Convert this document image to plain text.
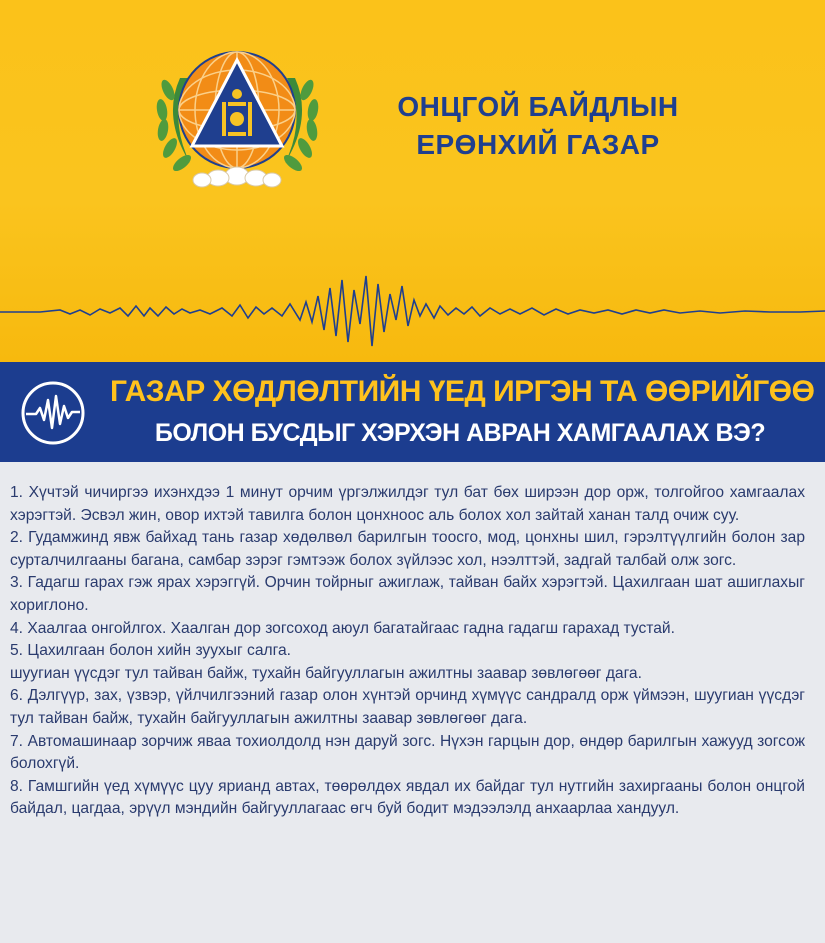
ОНЦГОЙ БАЙДЛЫН
ЕРӨНХИЙ ГАЗАР
ГАЗАР ХӨДЛӨЛТИЙН ҮЕД ИРГЭН ТА ӨӨРИЙГӨӨ
БОЛОН БУСДЫГ ХЭРХЭН АВРАН ХАМГААЛАХ ВЭ?

1. Хүчтэй чичиргээ ихэнхдээ 1 минут орчим үргэлжилдэг тул бат бөх ширээн дор орж, толгойгоо хамгаалах хэрэгтэй. Эсвэл жин, овор ихтэй тавилга болон цонхноос аль болох хол зайтай ханан талд очиж суу.

2. Гудамжинд явж байхад тань газар хөдөлвөл барилгын тоосго, мод, цонхны шил, гэрэлтүүлгийн болон зар сурталчилгааны багана, самбар зэрэг гэмтээж болох зүйлээс хол, нээлттэй, задгай талбай олж зогс.

3. Гадагш гарах гэж ярах хэрэггүй. Орчин тойрныг ажиглаж, тайван байх хэрэгтэй. Цахилгаан шат ашиглахыг хориглоно.

4. Хаалгаа онгойлгох. Хаалган дор зогсоход аюул багатайгаас гадна гадагш гарахад тустай.

5. Цахилгаан болон хийн зуухыг салга.

шуугиан үүсдэг тул тайван байж, тухайн байгууллагын ажилтны заавар зөвлөгөөг дага.

6. Дэлгүүр, зах, үзвэр, үйлчилгээний газар олон хүнтэй орчинд хүмүүс сандралд орж үймээн, шуугиан үүсдэг тул тайван байж, тухайн байгууллагын ажилтны заавар зөвлөгөөг дага.

7. Автомашинаар зорчиж яваа тохиолдолд нэн даруй зогс. Нүхэн гарцын дор, өндөр барилгын хажууд зогсож болохгүй.

8. Гамшгийн үед хүмүүс цуу ярианд автах, төөрөлдөх явдал их байдаг тул нутгийн захиргааны болон онцгой байдал, цагдаа, эрүүл мэндийн байгууллагаас өгч буй бодит мэдээлэлд анхаарлаа хандуул.
